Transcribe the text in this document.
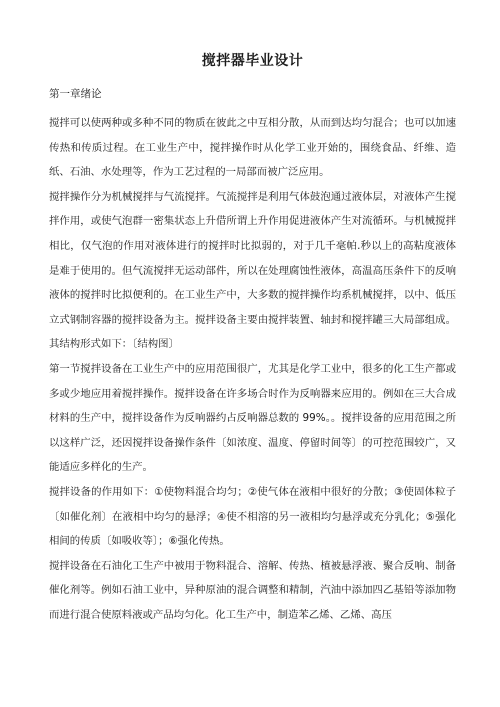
搅拌器毕业设计
第一章绪论

搅拌可以使两种或多种不同的物质在彼此之中互相分散，从而到达均匀混合；也可以加速传热和传质过程。在工业生产中，搅拌操作时从化学工业开始的，围绕食品、纤维、造纸、石油、水处理等，作为工艺过程的一局部而被广泛应用。

搅拌操作分为机械搅拌与气流搅拌。气流搅拌是利用气体鼓泡通过液体层，对液体产生搅拌作用，或使气泡群一密集状态上升借所谓上升作用促进液体产生对流循环。与机械搅拌相比，仅气泡的作用对液体进行的搅拌时比拟弱的，对于几千毫帕.秒以上的高粘度液体是难于使用的。但气流搅拌无运动部件，所以在处理腐蚀性液体，高温高压条件下的反响液体的搅拌时比拟便利的。在工业生产中，大多数的搅拌操作均系机械搅拌，以中、低压立式钢制容器的搅拌设备为主。搅拌设备主要由搅拌装置、轴封和搅拌罐三大局部组成。其结构形式如下：〔结构图〕

第一节搅拌设备在工业生产中的应用范围很广，尤其是化学工业中，很多的化工生产都或多或少地应用着搅拌操作。搅拌设备在许多场合时作为反响器来应用的。例如在三大合成材料的生产中，搅拌设备作为反响器约占反响器总数的 99%。。搅拌设备的应用范围之所以这样广泛，还因搅拌设备操作条件〔如浓度、温度、停留时间等〕的可控范围较广，又能适应多样化的生产。

搅拌设备的作用如下：①使物料混合均匀；②使气体在液相中很好的分散；③使固体粒子〔如催化剂〕在液相中均匀的悬浮；④使不相溶的另一液相均匀悬浮或充分乳化；⑤强化相间的传质〔如吸收等〕；⑥强化传热。

搅拌设备在石油化工生产中被用于物料混合、溶解、传热、植被悬浮液、聚合反响、制备催化剂等。例如石油工业中，异种原油的混合调整和精制，汽油中添加四乙基铅等添加物而进行混合使原料液或产品均匀化。化工生产中，制造苯乙烯、乙烯、高压
